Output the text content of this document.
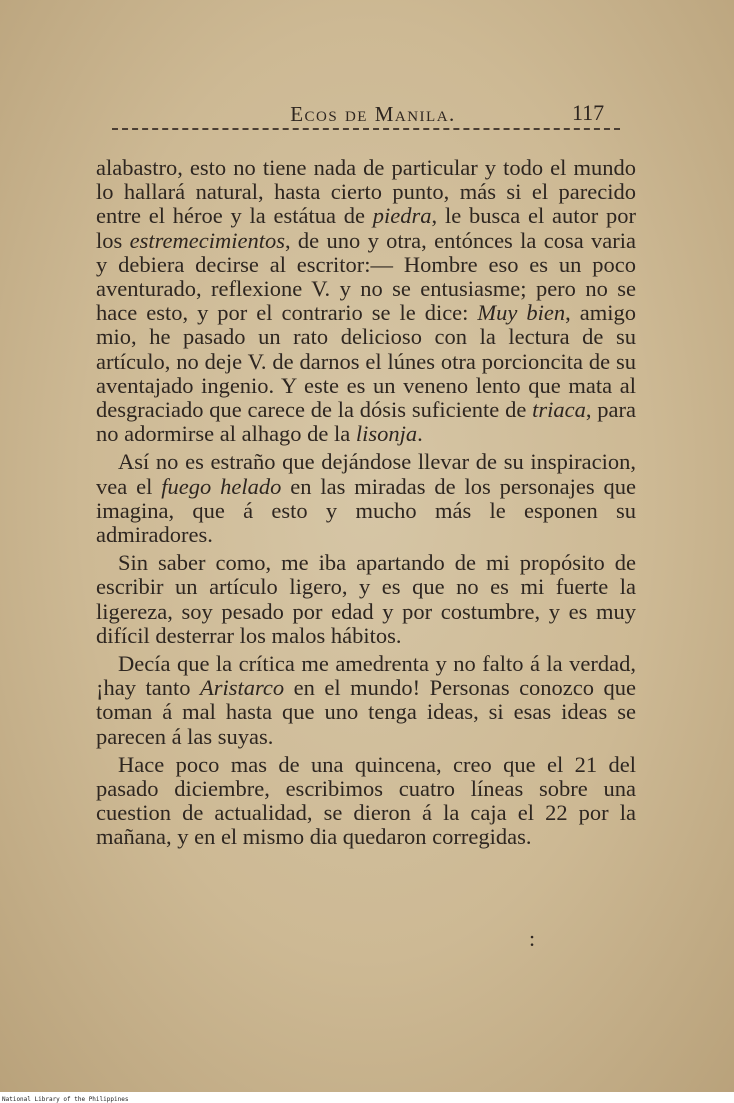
Ecos de Manila.	117

alabastro, esto no tiene nada de particular y todo el mundo lo hallará natural, hasta cierto punto, más si el parecido entre el héroe y la estátua de piedra, le busca el autor por los estremecimientos, de uno y otra, entónces la cosa varia y debiera decirse al escritor:— Hombre eso es un poco aventurado, reflexione V. y no se entusiasme; pero no se hace esto, y por el contrario se le dice: Muy bien, amigo mio, he pasado un rato delicioso con la lectura de su artículo, no deje V. de darnos el lúnes otra porcioncita de su aventajado ingenio. Y este es un veneno lento que mata al desgraciado que carece de la dósis suficiente de triaca, para no adormirse al alhago de la lisonja.

Así no es estraño que dejándose llevar de su inspiracion, vea el fuego helado en las miradas de los personajes que imagina, que á esto y mucho más le esponen su admiradores.

Sin saber como, me iba apartando de mi propósito de escribir un artículo ligero, y es que no es mi fuerte la ligereza, soy pesado por edad y por costumbre, y es muy difícil desterrar los malos hábitos.

Decía que la crítica me amedrenta y no falto á la verdad, ¡hay tanto Aristarco en el mundo! Personas conozco que toman á mal hasta que uno tenga ideas, si esas ideas se parecen á las suyas.

Hace poco mas de una quincena, creo que el 21 del pasado diciembre, escribimos cuatro líneas sobre una cuestion de actualidad, se dieron á la caja el 22 por la mañana, y en el mismo dia quedaron corregidas.

:
National Library of the Philippines
